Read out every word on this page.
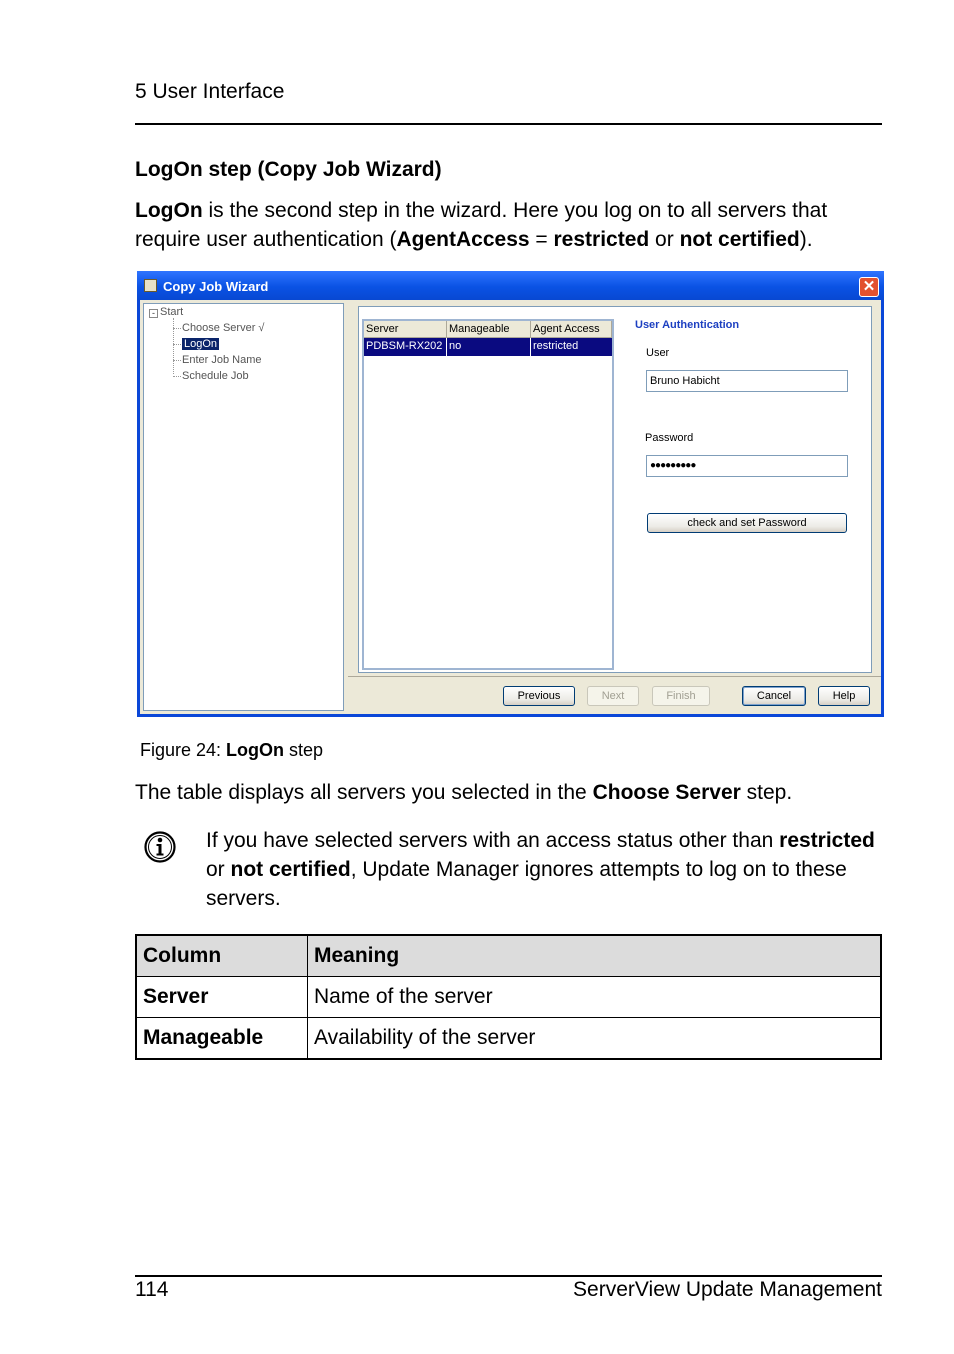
5 User Interface
LogOn step (Copy Job Wizard)
LogOn is the second step in the wizard. Here you log on to all servers that require user authentication (AgentAccess = restricted or not certified).
Copy Job Wizard	✕
- Start
Choose Server √
LogOn
Enter Job Name
Schedule Job
Server	Manageable	Agent Access
PDBSM-RX202 no	restricted
User Authentication
User
Bruno Habicht
Password
●●●●●●●●●
check and set Password
Previous	Next	Finish	Cancel	Help
Figure 24: LogOn step
The table displays all servers you selected in the Choose Server step.
If you have selected servers with an access status other than restricted or not certified, Update Manager ignores attempts to log on to these servers.
Column	Meaning
Server	Name of the server
Manageable	Availability of the server
114	ServerView Update Management
